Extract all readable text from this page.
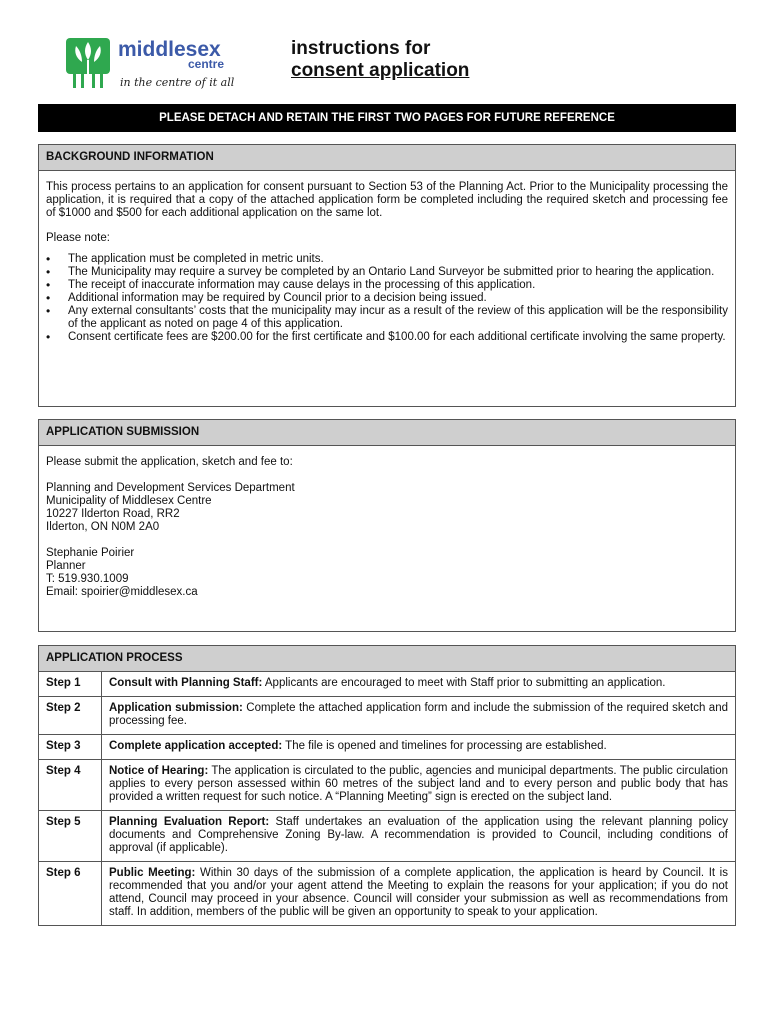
middlesex
centre
in the centre of it all
instructions for
consent application
PLEASE DETACH AND RETAIN THE FIRST TWO PAGES FOR FUTURE REFERENCE
BACKGROUND INFORMATION

This process pertains to an application for consent pursuant to Section 53 of the Planning Act. Prior to the Municipality processing the application, it is required that a copy of the attached application form be completed including the required sketch and processing fee of $1000 and $500 for each additional application on the same lot.

Please note:

• The application must be completed in metric units.
• The Municipality may require a survey be completed by an Ontario Land Surveyor be submitted prior to hearing the application.
• The receipt of inaccurate information may cause delays in the processing of this application.
• Additional information may be required by Council prior to a decision being issued.
• Any external consultants’ costs that the municipality may incur as a result of the review of this application will be the responsibility of the applicant as noted on page 4 of this application.
• Consent certificate fees are $200.00 for the first certificate and $100.00 for each additional certificate involving the same property.
APPLICATION SUBMISSION

Please submit the application, sketch and fee to:

Planning and Development Services Department

Municipality of Middlesex Centre

10227 Ilderton Road, RR2

Ilderton, ON N0M 2A0

Stephanie Poirier

Planner

T: 519.930.1009

Email: spoirier@middlesex.ca

APPLICATION PROCESS
Step 1	Consult with Planning Staff: Applicants are encouraged to meet with Staff prior to submitting an application.
Step 2	Application submission: Complete the attached application form and include the submission of the required sketch and processing fee.
Step 3	Complete application accepted: The file is opened and timelines for processing are established.
Step 4	Notice of Hearing: The application is circulated to the public, agencies and municipal departments. The public circulation applies to every person assessed within 60 metres of the subject land and to every person and public body that has provided a written request for such notice. A “Planning Meeting” sign is erected on the subject land.
Step 5	Planning Evaluation Report: Staff undertakes an evaluation of the application using the relevant planning policy documents and Comprehensive Zoning By-law. A recommendation is provided to Council, including conditions of approval (if applicable).
Step 6	Public Meeting: Within 30 days of the submission of a complete application, the application is heard by Council. It is recommended that you and/or your agent attend the Meeting to explain the reasons for your application; if you do not attend, Council may proceed in your absence. Council will consider your submission as well as recommendations from staff. In addition, members of the public will be given an opportunity to speak to your application.
